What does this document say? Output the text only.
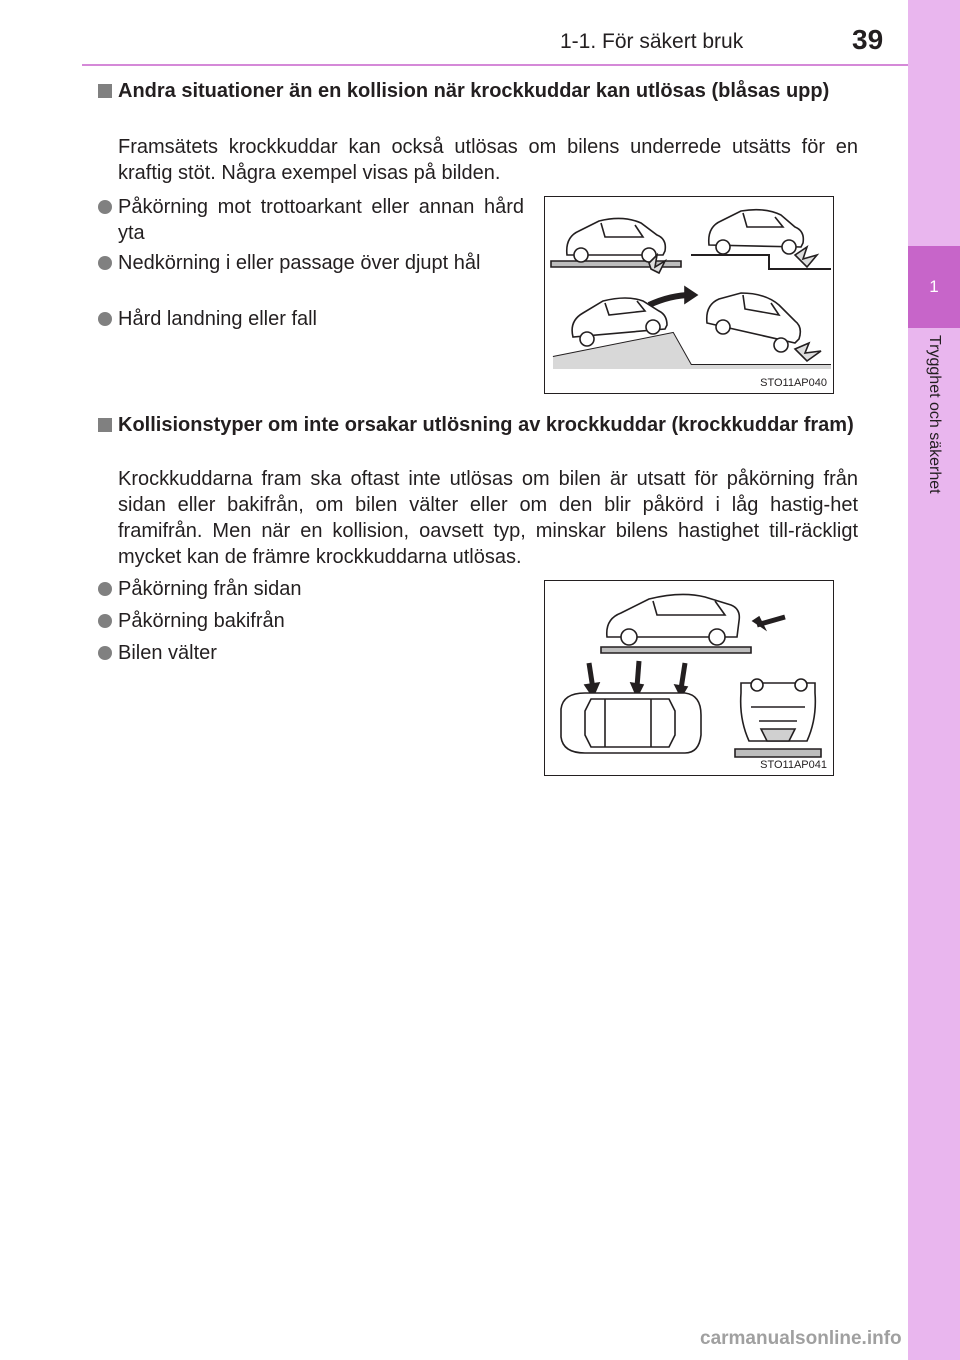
1-1. För säkert bruk	39
1
Trygghet och säkerhet
Andra situationer än en kollision när krockkuddar kan utlösas (blåsas upp)
Framsätets krockkuddar kan också utlösas om bilens underrede utsätts för en kraftig stöt. Några exempel visas på bilden.
Påkörning mot trottoarkant eller annan hård yta
Nedkörning i eller passage över djupt hål
Hård landning eller fall
STO11AP040
Kollisionstyper om inte orsakar utlösning av krockkuddar (krockkuddar fram)
Krockkuddarna fram ska oftast inte utlösas om bilen är utsatt för påkörning från sidan eller bakifrån, om bilen välter eller om den blir påkörd i låg hastig-het framifrån. Men när en kollision, oavsett typ, minskar bilens hastighet till-räckligt mycket kan de främre krockkuddarna utlösas.
Påkörning från sidan
Påkörning bakifrån
Bilen välter
STO11AP041
carmanualsonline.info
